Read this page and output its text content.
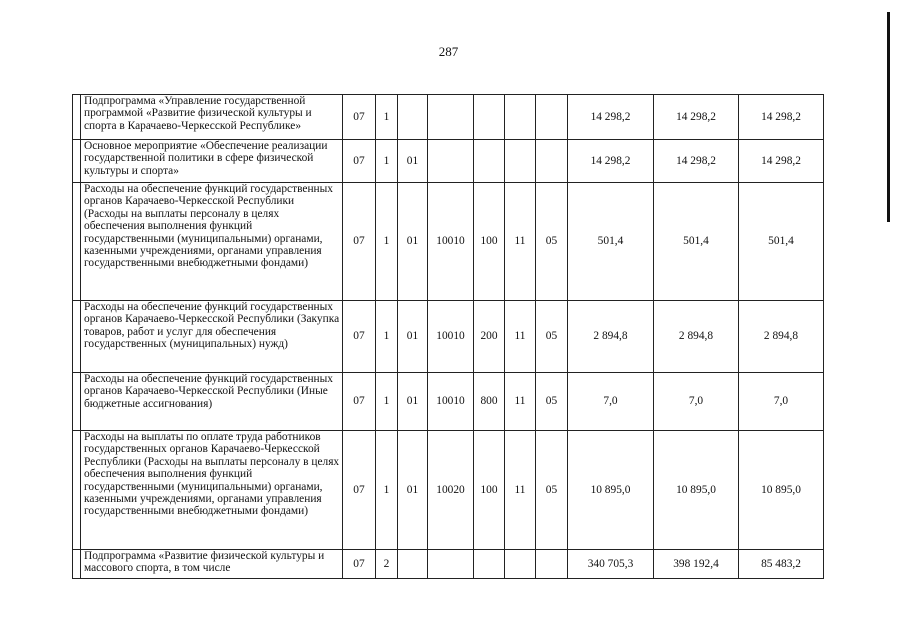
287
	Подпрограмма «Управление государственной программой «Развитие физической культуры и спорта в Карачаево-Черкесской Республике»	07	1						14 298,2	14 298,2	14 298,2
	Основное мероприятие «Обеспечение реализации государственной политики в сфере физической культуры и спорта»	07	1	01					14 298,2	14 298,2	14 298,2
	Расходы на обеспечение функций государственных органов Карачаево-Черкесской Республики (Расходы на выплаты персоналу в целях обеспечения выполнения функций государственными (муниципальными) органами, казенными учреждениями, органами управления государственными внебюджетными фондами)	07	1	01	10010	100	11	05	501,4	501,4	501,4
	Расходы на обеспечение функций государственных органов Карачаево-Черкесской Республики (Закупка товаров, работ и услуг для обеспечения государственных (муниципальных) нужд)	07	1	01	10010	200	11	05	2 894,8	2 894,8	2 894,8
	Расходы на обеспечение функций государственных органов Карачаево-Черкесской Республики (Иные бюджетные ассигнования)	07	1	01	10010	800	11	05	7,0	7,0	7,0
	Расходы на выплаты по оплате труда работников государственных органов Карачаево-Черкесской Республики (Расходы на выплаты персоналу в целях обеспечения выполнения функций государственными (муниципальными) органами, казенными учреждениями, органами управления государственными внебюджетными фондами)	07	1	01	10020	100	11	05	10 895,0	10 895,0	10 895,0
	Подпрограмма «Развитие физической культуры и массового спорта, в том числе	07	2						340 705,3	398 192,4	85 483,2
